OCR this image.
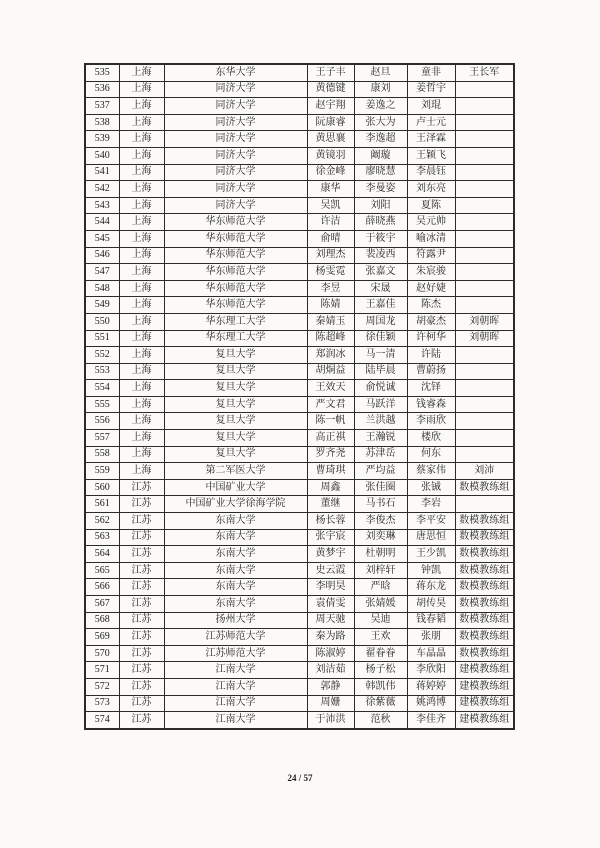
535	上海	东华大学	王子丰	赵旦	童非	王长军
536	上海	同济大学	黄德键	康刘	姜哲宇	
537	上海	同济大学	赵宇翔	姜逸之	刘琨	
538	上海	同济大学	阮康睿	张大为	卢士元	
539	上海	同济大学	黄思襄	李逸超	王泽霖	
540	上海	同济大学	黄镜羽	阚璇	王颖飞	
541	上海	同济大学	徐金峰	廖晓慧	李晨钰	
542	上海	同济大学	康华	李曼姿	刘东亮	
543	上海	同济大学	吴凯	刘阳	夏陈	
544	上海	华东师范大学	许洁	薛晓燕	吴元帅	
545	上海	华东师范大学	俞晴	于筱宇	喻冰清	
546	上海	华东师范大学	刘理杰	裴凌西	符露尹	
547	上海	华东师范大学	杨雯霓	张嘉文	朱宸骏	
548	上海	华东师范大学	李昱	宋晟	赵好婕	
549	上海	华东师范大学	陈婧	王嘉佳	陈杰	
550	上海	华东理工大学	秦婧玉	周国龙	胡豪杰	刘朝晖
551	上海	华东理工大学	陈超峰	徐佳颖	许柯华	刘朝晖
552	上海	复旦大学	郑润冰	马一清	许陆	
553	上海	复旦大学	胡烔益	陆毕晨	曹蔚扬	
554	上海	复旦大学	王效天	俞悦诚	沈铎	
555	上海	复旦大学	严文君	马跃洋	钱睿森	
556	上海	复旦大学	陈一帆	兰洪越	李雨欣	
557	上海	复旦大学	高正祺	王瀚锐	楼欣	
558	上海	复旦大学	罗齐尧	苏津岳	何东	
559	上海	第二军医大学	曹琦琪	严均益	蔡家伟	刘沛
560	江苏	中国矿业大学	周鑫	张佳圈	张铖	数模教练组
561	江苏	中国矿业大学徐海学院	董继	马书石	李岩	
562	江苏	东南大学	杨长蓉	李俊杰	李平安	数模教练组
563	江苏	东南大学	张宇宸	刘奕琳	唐思恒	数模教练组
564	江苏	东南大学	黄梦宇	杜朝明	王少凯	数模教练组
565	江苏	东南大学	史云霞	刘梓轩	钟凯	数模教练组
566	江苏	东南大学	李明昊	严晗	蒋东龙	数模教练组
567	江苏	东南大学	袁倩雯	张婧媛	胡传昊	数模教练组
568	江苏	扬州大学	周天驰	吴迪	钱春韬	数模教练组
569	江苏	江苏师范大学	秦为路	王欢	张朋	数模教练组
570	江苏	江苏师范大学	陈淑婷	翟眷眷	车晶晶	数模教练组
571	江苏	江南大学	刘洁茹	杨子松	李欣阳	建模教练组
572	江苏	江南大学	郭静	韩凯伟	蒋婷婷	建模教练组
573	江苏	江南大学	周姗	徐紫薇	姚鸿博	建模教练组
574	江苏	江南大学	于沛洪	范秋	李佳齐	建模教练组
24 / 57
